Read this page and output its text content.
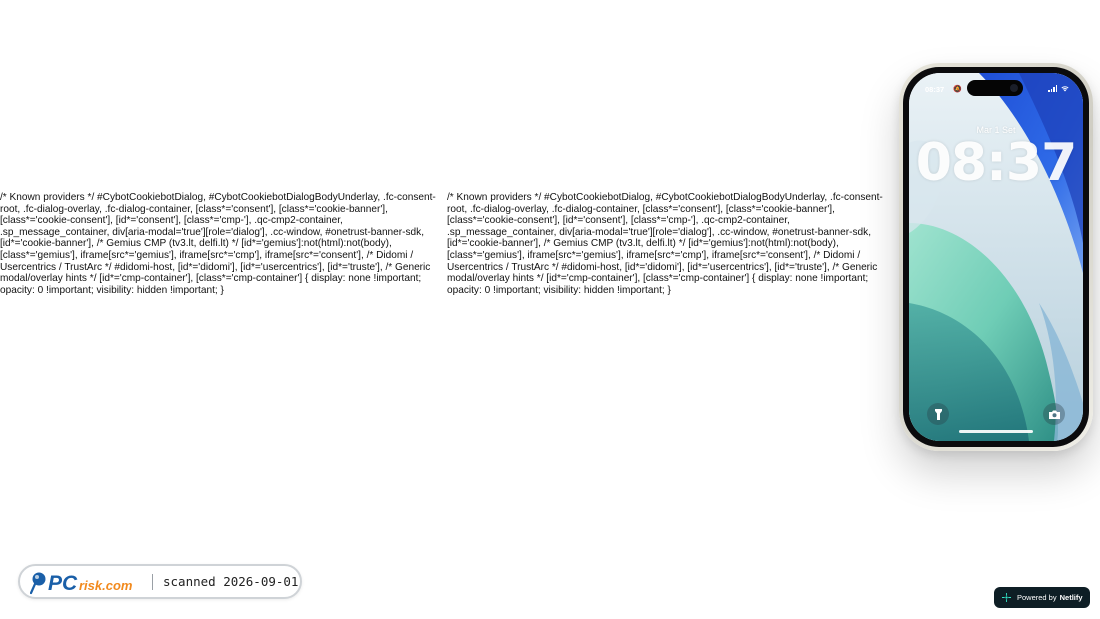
/* Known providers */ #CybotCookiebotDialog, #CybotCookiebotDialogBodyUnderlay, .fc-consent-root, .fc-dialog-overlay, .fc-dialog-container, [class*='consent'], [class*='cookie-banner'], [class*='cookie-consent'], [id*='consent'], [class*='cmp-'], .qc-cmp2-container, .sp_message_container, div[aria-modal='true'][role='dialog'], .cc-window, #onetrust-banner-sdk, [id*='cookie-banner'], /* Gemius CMP (tv3.lt, delfi.lt) */ [id*='gemius']:not(html):not(body), [class*='gemius'], iframe[src*='gemius'], iframe[src*='cmp'], iframe[src*='consent'], /* Didomi / Usercentrics / TrustArc */ #didomi-host, [id*='didomi'], [id*='usercentrics'], [id*='truste'], /* Generic modal/overlay hints */ [id*='cmp-container'], [class*='cmp-container'] { display: none !important; opacity: 0 !important; visibility: hidden !important; }
/* Known providers */ #CybotCookiebotDialog, #CybotCookiebotDialogBodyUnderlay, .fc-consent-root, .fc-dialog-overlay, .fc-dialog-container, [class*='consent'], [class*='cookie-banner'], [class*='cookie-consent'], [id*='consent'], [class*='cmp-'], .qc-cmp2-container, .sp_message_container, div[aria-modal='true'][role='dialog'], .cc-window, #onetrust-banner-sdk, [id*='cookie-banner'], /* Gemius CMP (tv3.lt, delfi.lt) */ [id*='gemius']:not(html):not(body), [class*='gemius'], iframe[src*='gemius'], iframe[src*='cmp'], iframe[src*='consent'], /* Didomi / Usercentrics / TrustArc */ #didomi-host, [id*='didomi'], [id*='usercentrics'], [id*='truste'], /* Generic modal/overlay hints */ [id*='cmp-container'], [class*='cmp-container'] { display: none !important; opacity: 0 !important; visibility: hidden !important; }
08:37 🔕
Mar 1 Set
08:37
PC risk.com scanned 2026-09-01
Powered by Netlify
